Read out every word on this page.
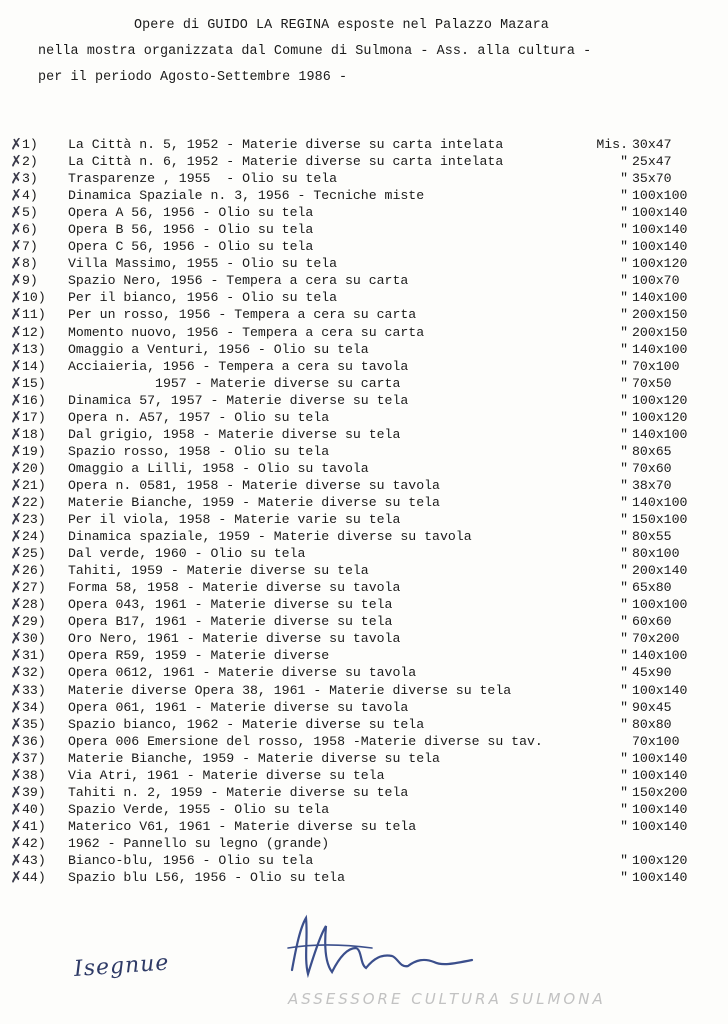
Opere di GUIDO LA REGINA esposte nel Palazzo Mazara
nella mostra organizzata dal Comune di Sulmona - Ass. alla cultura -
per il periodo Agosto-Settembre 1986 -
✗
1)	La Città n. 5, 1952 - Materie diverse su carta intelata	Mis. 30x47
✗
2)	La Città n. 6, 1952 - Materie diverse su carta intelata	" 25x47
✗
3)	Trasparenze , 1955  - Olio su tela	" 35x70
✗
4)	Dinamica Spaziale n. 3, 1956 - Tecniche miste	" 100x100
✗
5)	Opera A 56, 1956 - Olio su tela	" 100x140
✗
6)	Opera B 56, 1956 - Olio su tela	" 100x140
✗
7)	Opera C 56, 1956 - Olio su tela	" 100x140
✗
8)	Villa Massimo, 1955 - Olio su tela	" 100x120
✗
9)	Spazio Nero, 1956 - Tempera a cera su carta	" 100x70
✗
10)	Per il bianco, 1956 - Olio su tela	" 140x100
✗
11)	Per un rosso, 1956 - Tempera a cera su carta	" 200x150
✗
12)	Momento nuovo, 1956 - Tempera a cera su carta	" 200x150
✗
13)	Omaggio a Venturi, 1956 - Olio su tela	" 140x100
✗
14)	Acciaieria, 1956 - Tempera a cera su tavola	" 70x100
✗
15)	1957 - Materie diverse su carta	" 70x50
✗
16)	Dinamica 57, 1957 - Materie diverse su tela	" 100x120
✗
17)	Opera n. A57, 1957 - Olio su tela	" 100x120
✗
18)	Dal grigio, 1958 - Materie diverse su tela	" 140x100
✗
19)	Spazio rosso, 1958 - Olio su tela	" 80x65
✗
20)	Omaggio a Lilli, 1958 - Olio su tavola	" 70x60
✗
21)	Opera n. 0581, 1958 - Materie diverse su tavola	" 38x70
✗
22)	Materie Bianche, 1959 - Materie diverse su tela	" 140x100
✗
23)	Per il viola, 1958 - Materie varie su tela	" 150x100
✗
24)	Dinamica spaziale, 1959 - Materie diverse su tavola	" 80x55
✗
25)	Dal verde, 1960 - Olio su tela	" 80x100
✗
26)	Tahiti, 1959 - Materie diverse su tela	" 200x140
✗
27)	Forma 58, 1958 - Materie diverse su tavola	" 65x80
✗
28)	Opera 043, 1961 - Materie diverse su tela	" 100x100
✗
29)	Opera B17, 1961 - Materie diverse su tela	" 60x60
✗
30)	Oro Nero, 1961 - Materie diverse su tavola	" 70x200
✗
31)	Opera R59, 1959 - Materie diverse	" 140x100
✗
32)	Opera 0612, 1961 - Materie diverse su tavola	" 45x90
✗
33)	Materie diverse Opera 38, 1961 - Materie diverse su tela	" 100x140
✗
34)	Opera 061, 1961 - Materie diverse su tavola	" 90x45
✗
35)	Spazio bianco, 1962 - Materie diverse su tela	" 80x80
✗
36)	Opera 006 Emersione del rosso, 1958 -Materie diverse su tav.	70x100
✗
37)	Materie Bianche, 1959 - Materie diverse su tela	" 100x140
✗
38)	Via Atri, 1961 - Materie diverse su tela	" 100x140
✗
39)	Tahiti n. 2, 1959 - Materie diverse su tela	" 150x200
✗
40)	Spazio Verde, 1955 - Olio su tela	" 100x140
✗
41)	Materico V61, 1961 - Materie diverse su tela	" 100x140
✗
42)	1962 - Pannello su legno (grande)
✗
43)	Bianco-blu, 1956 - Olio su tela	" 100x120
✗
44)	Spazio blu L56, 1956 - Olio su tela	" 100x140
Isegnue
ASSESSORE CULTURA SULMONA
